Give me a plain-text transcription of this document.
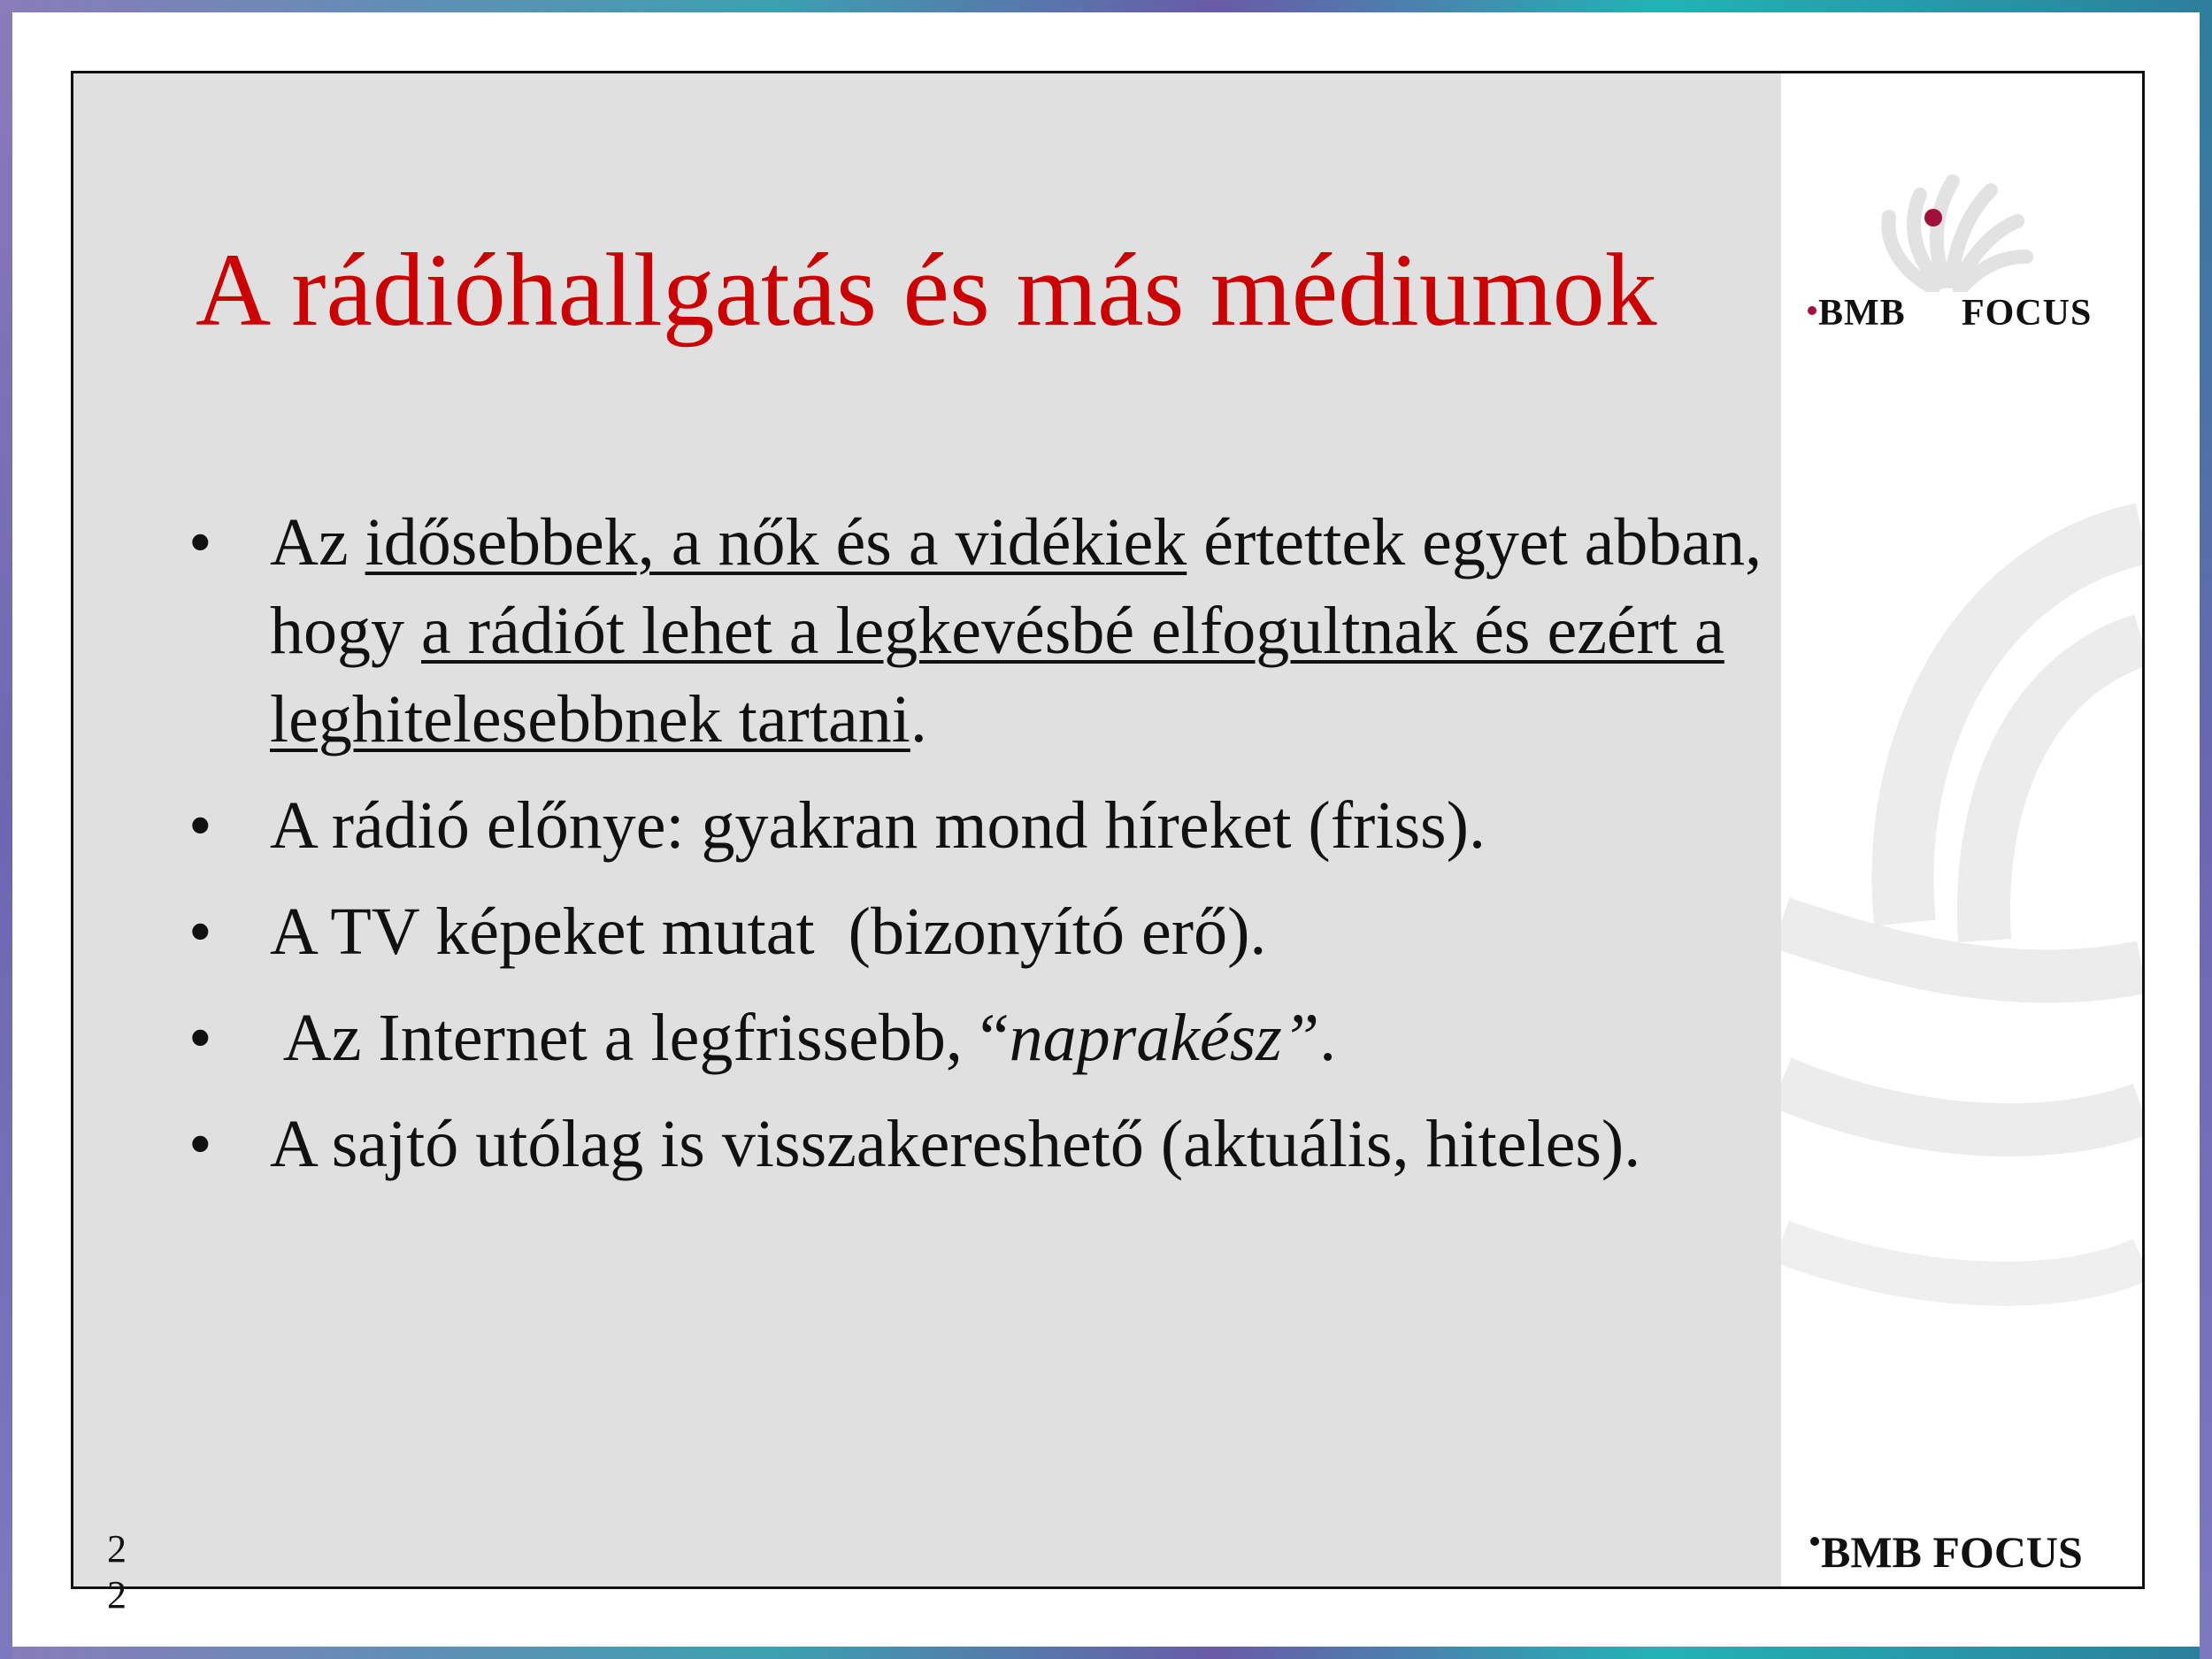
A rádióhallgatás és más médiumok
• Az idősebbek, a nők és a vidékiek értettek egyet abban, hogy a rádiót lehet a legkevésbé elfogultnak és ezért a leghitelesebbnek tartani.
• A rádió előnye: gyakran mond híreket (friss).
• A TV képeket mutat  (bizonyító erő).
•  Az Internet a legfrissebb, “naprakész”.
• A sajtó utólag is visszakereshető (aktuális, hiteles).
BMB FOCUS
BMB FOCUS
22
